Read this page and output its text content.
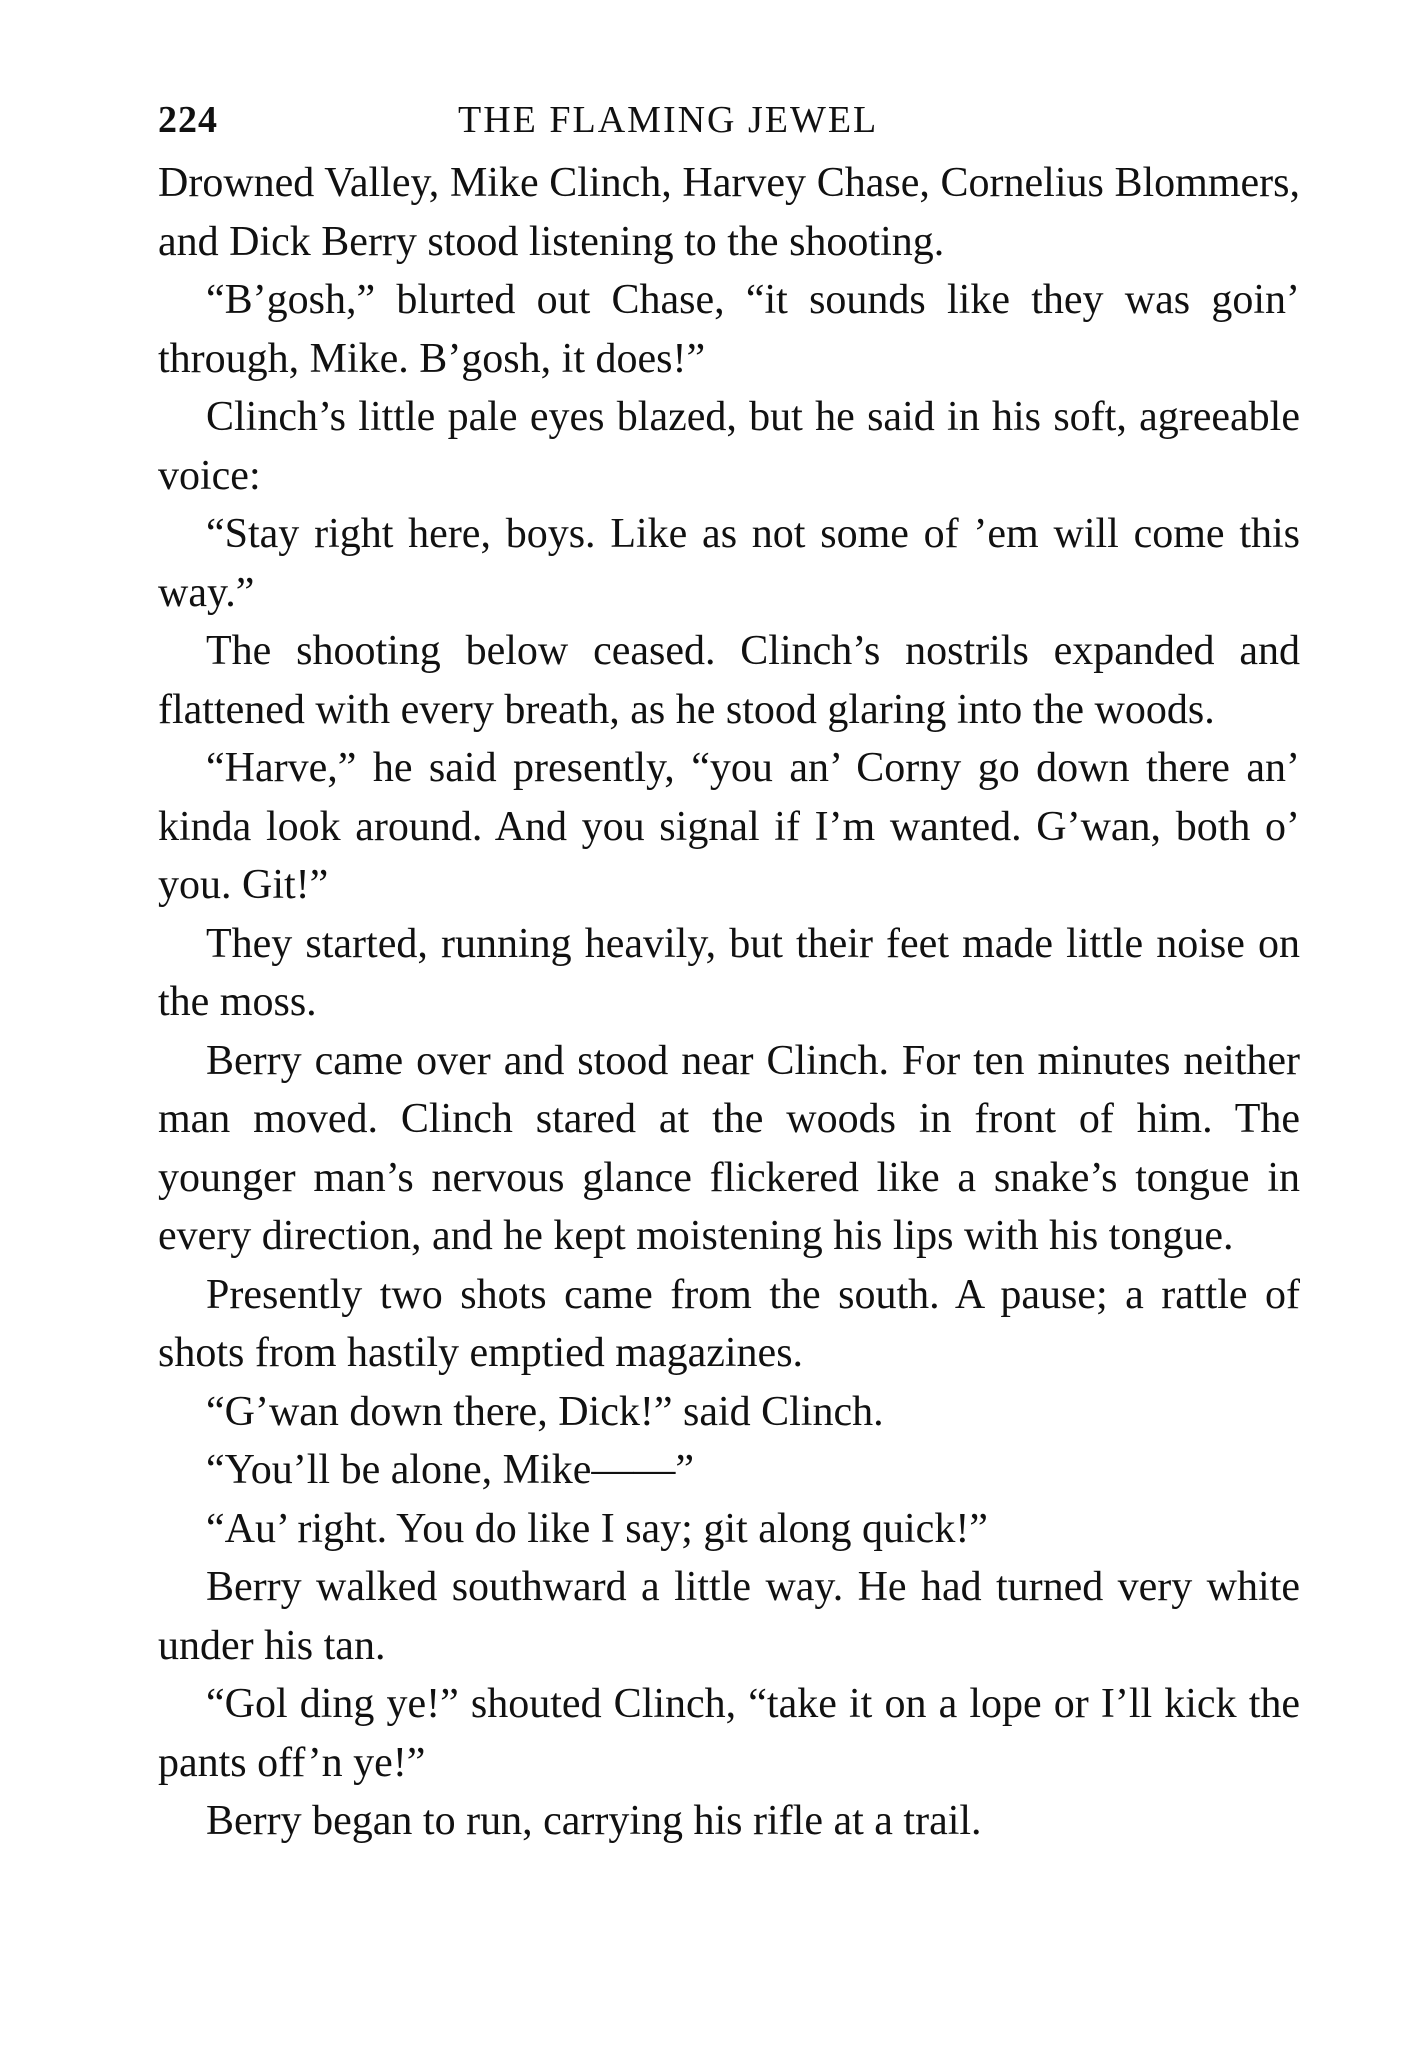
224	THE FLAMING JEWEL

Drowned Valley, Mike Clinch, Harvey Chase, Cornelius Blommers, and Dick Berry stood listening to the shooting.

“B’gosh,” blurted out Chase, “it sounds like they was goin’ through, Mike. B’gosh, it does!”

Clinch’s little pale eyes blazed, but he said in his soft, agreeable voice:

“Stay right here, boys. Like as not some of ’em will come this way.”

The shooting below ceased. Clinch’s nostrils expanded and flattened with every breath, as he stood glaring into the woods.

“Harve,” he said presently, “you an’ Corny go down there an’ kinda look around. And you signal if I’m wanted. G’wan, both o’ you. Git!”

They started, running heavily, but their feet made little noise on the moss.

Berry came over and stood near Clinch. For ten minutes neither man moved. Clinch stared at the woods in front of him. The younger man’s nervous glance flickered like a snake’s tongue in every direction, and he kept moistening his lips with his tongue.

Presently two shots came from the south. A pause; a rattle of shots from hastily emptied magazines.

“G’wan down there, Dick!” said Clinch.

“You’ll be alone, Mike——”

“Au’ right. You do like I say; git along quick!”

Berry walked southward a little way. He had turned very white under his tan.

“Gol ding ye!” shouted Clinch, “take it on a lope or I’ll kick the pants off’n ye!”

Berry began to run, carrying his rifle at a trail.
